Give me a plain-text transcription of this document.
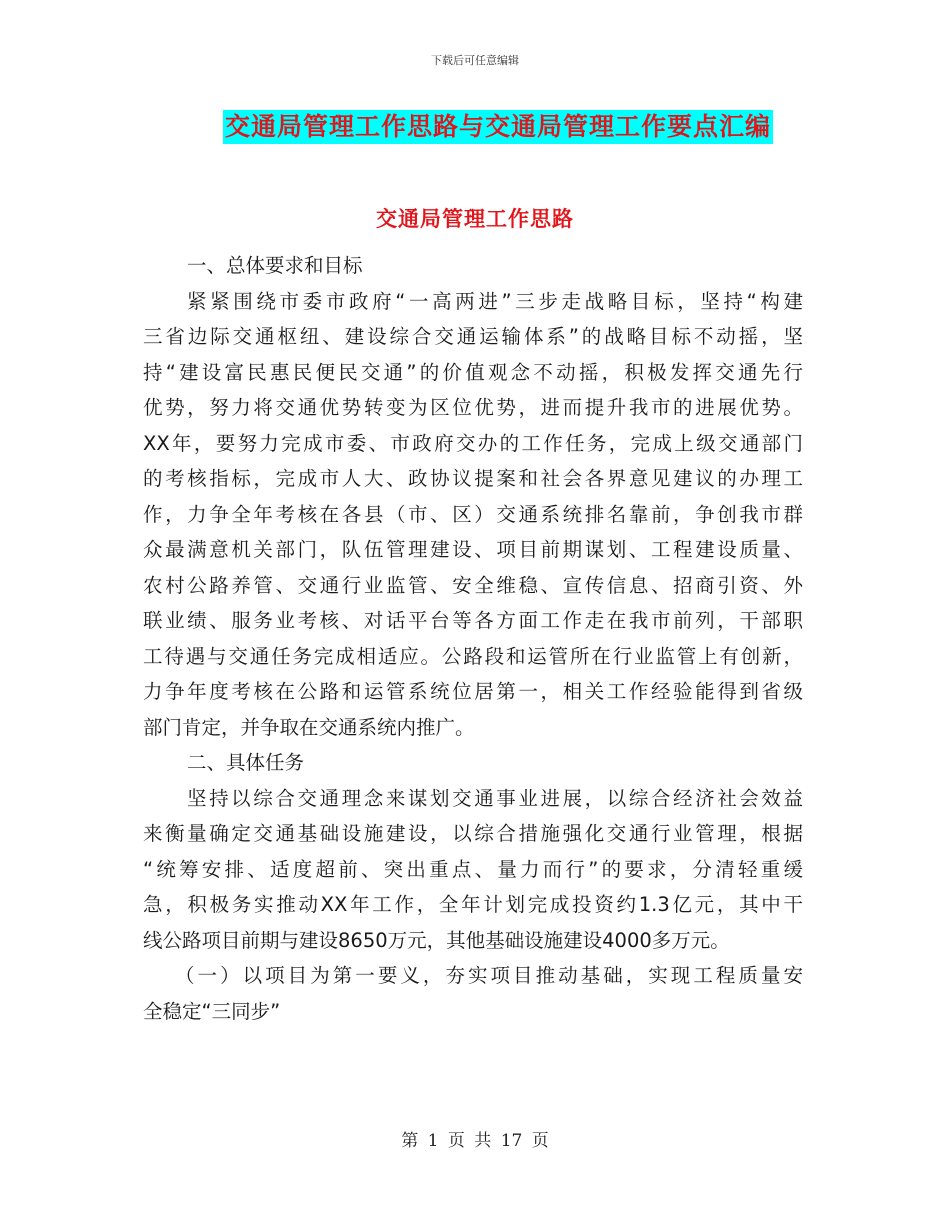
下载后可任意编辑
交通局管理工作思路与交通局管理工作要点汇编
交通局管理工作思路
一、总体要求和目标
紧紧围绕市委市政府“一高两进”三步走战略目标，坚持“构建
三省边际交通枢纽、建设综合交通运输体系”的战略目标不动摇，坚
持“建设富民惠民便民交通”的价值观念不动摇，积极发挥交通先行
优势，努力将交通优势转变为区位优势，进而提升我市的进展优势。
XX年，要努力完成市委、市政府交办的工作任务，完成上级交通部门
的考核指标，完成市人大、政协议提案和社会各界意见建议的办理工
作，力争全年考核在各县（市、区）交通系统排名靠前，争创我市群
众最满意机关部门，队伍管理建设、项目前期谋划、工程建设质量、
农村公路养管、交通行业监管、安全维稳、宣传信息、招商引资、外
联业绩、服务业考核、对话平台等各方面工作走在我市前列，干部职
工待遇与交通任务完成相适应。公路段和运管所在行业监管上有创新，
力争年度考核在公路和运管系统位居第一，相关工作经验能得到省级
部门肯定，并争取在交通系统内推广。
二、具体任务
坚持以综合交通理念来谋划交通事业进展，以综合经济社会效益
来衡量确定交通基础设施建设，以综合措施强化交通行业管理，根据
“统筹安排、适度超前、突出重点、量力而行”的要求，分清轻重缓
急，积极务实推动XX年工作，全年计划完成投资约1.3亿元，其中干
线公路项目前期与建设8650万元，其他基础设施建设4000多万元。
（一）以项目为第一要义，夯实项目推动基础，实现工程质量安
全稳定“三同步”
第 1 页 共 17 页
